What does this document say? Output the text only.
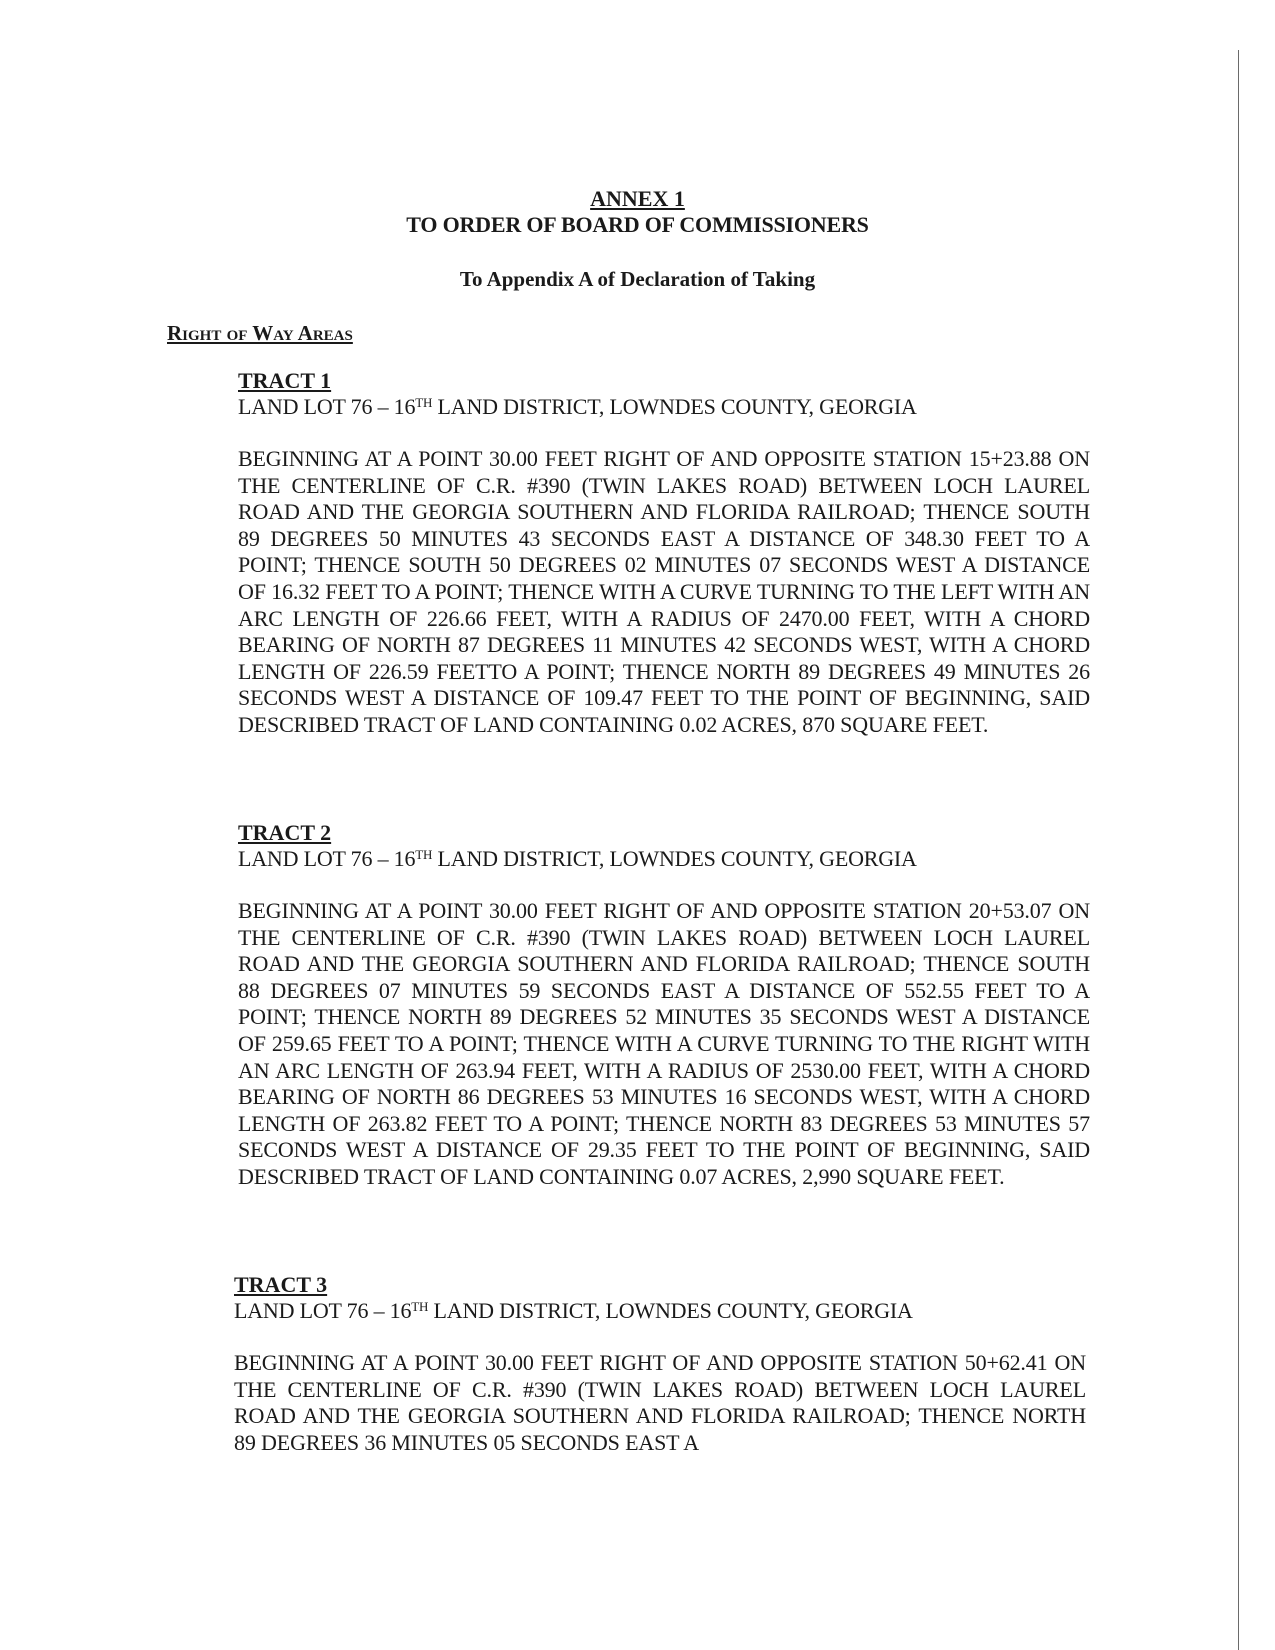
ANNEX 1
TO ORDER OF BOARD OF COMMISSIONERS
To Appendix A of Declaration of Taking
Right of Way Areas
TRACT 1
LAND LOT 76 – 16TH LAND DISTRICT, LOWNDES COUNTY, GEORGIA
BEGINNING AT A POINT 30.00 FEET RIGHT OF AND OPPOSITE STATION 15+23.88 ON THE CENTERLINE OF C.R. #390 (TWIN LAKES ROAD) BETWEEN LOCH LAUREL ROAD AND THE GEORGIA SOUTHERN AND FLORIDA RAILROAD; THENCE SOUTH 89 DEGREES 50 MINUTES 43 SECONDS EAST A DISTANCE OF 348.30 FEET TO A POINT; THENCE SOUTH 50 DEGREES 02 MINUTES 07 SECONDS WEST A DISTANCE OF 16.32 FEET TO A POINT; THENCE WITH A CURVE TURNING TO THE LEFT WITH AN ARC LENGTH OF 226.66 FEET, WITH A RADIUS OF 2470.00 FEET, WITH A CHORD BEARING OF NORTH 87 DEGREES 11 MINUTES 42 SECONDS WEST, WITH A CHORD LENGTH OF 226.59 FEETTO A POINT; THENCE NORTH 89 DEGREES 49 MINUTES 26 SECONDS WEST A DISTANCE OF 109.47 FEET TO THE POINT OF BEGINNING, SAID DESCRIBED TRACT OF LAND CONTAINING 0.02 ACRES, 870 SQUARE FEET.
TRACT 2
LAND LOT 76 – 16TH LAND DISTRICT, LOWNDES COUNTY, GEORGIA
BEGINNING AT A POINT 30.00 FEET RIGHT OF AND OPPOSITE STATION 20+53.07 ON THE CENTERLINE OF C.R. #390 (TWIN LAKES ROAD) BETWEEN LOCH LAUREL ROAD AND THE GEORGIA SOUTHERN AND FLORIDA RAILROAD; THENCE SOUTH 88 DEGREES 07 MINUTES 59 SECONDS EAST A DISTANCE OF 552.55 FEET TO A POINT; THENCE NORTH 89 DEGREES 52 MINUTES 35 SECONDS WEST A DISTANCE OF 259.65 FEET TO A POINT; THENCE WITH A CURVE TURNING TO THE RIGHT WITH AN ARC LENGTH OF 263.94 FEET, WITH A RADIUS OF 2530.00 FEET, WITH A CHORD BEARING OF NORTH 86 DEGREES 53 MINUTES 16 SECONDS WEST, WITH A CHORD LENGTH OF 263.82 FEET TO A POINT; THENCE NORTH 83 DEGREES 53 MINUTES 57 SECONDS WEST A DISTANCE OF 29.35 FEET TO THE POINT OF BEGINNING, SAID DESCRIBED TRACT OF LAND CONTAINING 0.07 ACRES, 2,990 SQUARE FEET.
TRACT 3
LAND LOT 76 – 16TH LAND DISTRICT, LOWNDES COUNTY, GEORGIA
BEGINNING AT A POINT 30.00 FEET RIGHT OF AND OPPOSITE STATION 50+62.41 ON THE CENTERLINE OF C.R. #390 (TWIN LAKES ROAD) BETWEEN LOCH LAUREL ROAD AND THE GEORGIA SOUTHERN AND FLORIDA RAILROAD; THENCE NORTH 89 DEGREES 36 MINUTES 05 SECONDS EAST A
